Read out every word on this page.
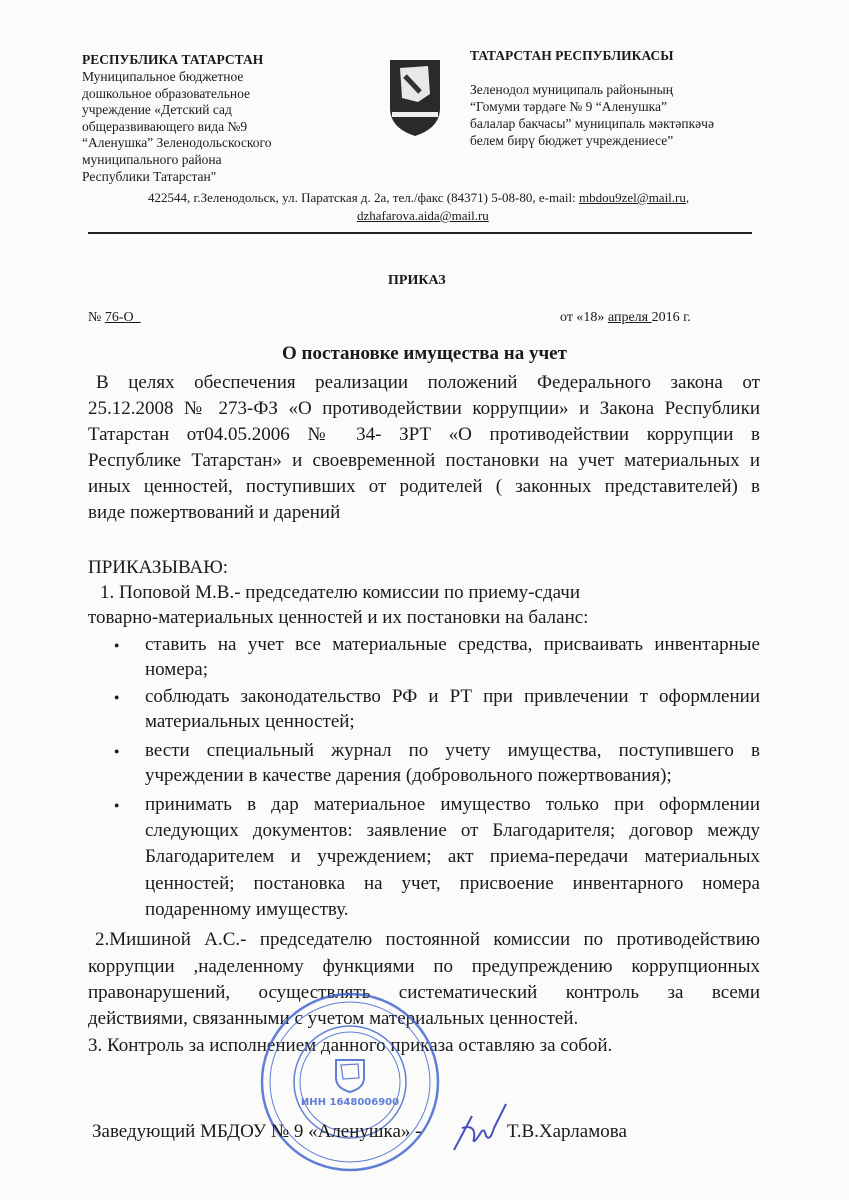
РЕСПУБЛИКА ТАТАРСТАН
Муниципальное бюджетное
дошкольное образовательное
учреждение «Детский сад
общеразвивающего вида №9
“Аленушка” Зеленодольскоского
муниципального района
Республики Татарстан"
ТАТАРСТАН РЕСПУБЛИКАСЫ
Зеленодол муниципаль районының
“Гомуми тәрдәге № 9 “Аленушка”
балалар бакчасы” муниципаль мәктәпкәчә
белем бирү бюджет учреждениесе”
422544, г.Зеленодольск, ул. Паратская д. 2а, тел./факс (84371) 5-08-80, e-mail: mbdou9zel@mail.ru,
dzhafarova.aida@mail.ru
ПРИКАЗ
№ 76-О_	от «18» апреля 2016 г.
О постановке имущества на учет
В целях обеспечения реализации положений Федерального закона от
25.12.2008 № 273-ФЗ «О противодействии коррупции» и Закона Республики
Татарстан от04.05.2006 № 34- ЗРТ «О противодействии коррупции в
Республике Татарстан» и своевременной постановки на учет материальных и
иных ценностей, поступивших от родителей ( законных представителей) в
виде пожертвований и дарений
ПРИКАЗЫВАЮ:
1. Поповой М.В.- председателю комиссии по приему-сдачи
товарно-материальных ценностей и их постановки на баланс:
● ставить на учет все материальные средства, присваивать инвентарные
номера;
● соблюдать законодательство РФ и РТ при привлечении т оформлении
материальных ценностей;
● вести специальный журнал по учету имущества, поступившего в
учреждении в качестве дарения (добровольного пожертвования);
● принимать в дар материальное имущество только при оформлении
следующих документов: заявление от Благодарителя; договор между
Благодарителем и учреждением; акт приема-передачи материальных
ценностей; постановка на учет, присвоение инвентарного номера
подаренному имуществу.
2.Мишиной А.С.- председателю постоянной комиссии по противодействию
коррупции ,наделенному функциями по предупреждению коррупционных
правонарушений, осуществлять систематический контроль за всеми
действиями, связанными с учетом материальных ценностей.
3. Контроль за исполнением данного приказа оставляю за собой.
ИНН 1648006900
Заведующий МБДОУ № 9 «Аленушка» -	Т.В.Харламова
